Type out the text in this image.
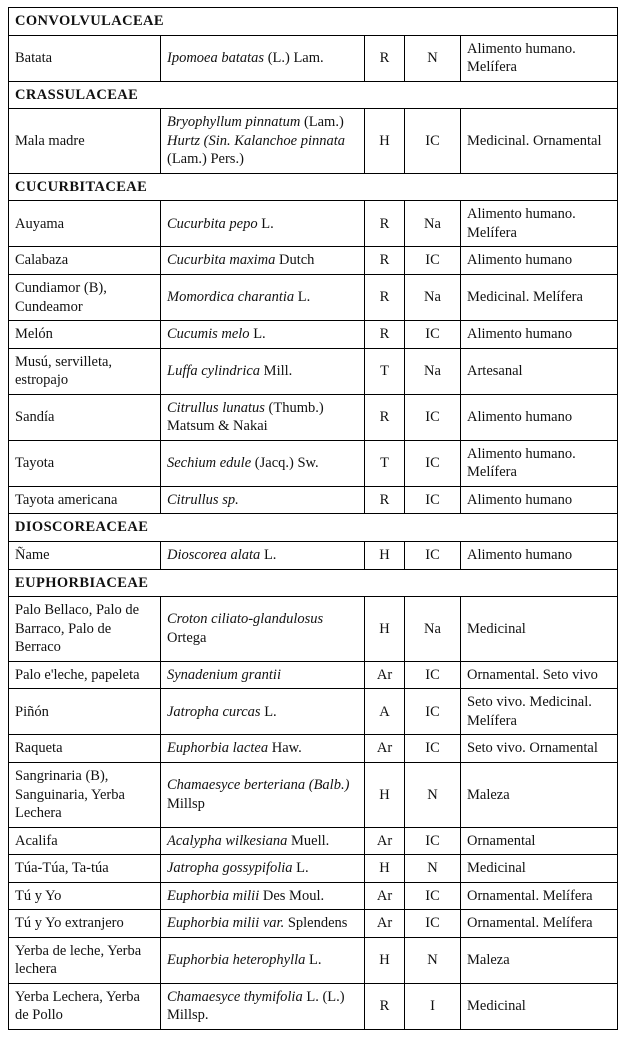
CONVOLVULACEAE				
Batata	Ipomoea batatas (L.) Lam.	R	N	Alimento humano. Melífera
CRASSULACEAE				
Mala madre	Bryophyllum pinnatum (Lam.) Hurtz (Sin. Kalanchoe pinnata (Lam.) Pers.)	H	IC	Medicinal. Ornamental
CUCURBITACEAE				
Auyama	Cucurbita pepo L.	R	Na	Alimento humano. Melífera
Calabaza	Cucurbita maxima Dutch	R	IC	Alimento humano
Cundiamor (B), Cundeamor	Momordica charantia L.	R	Na	Medicinal. Melífera
Melón	Cucumis melo L.	R	IC	Alimento humano
Musú, servilleta, estropajo	Luffa cylindrica Mill.	T	Na	Artesanal
Sandía	Citrullus lunatus (Thumb.) Matsum & Nakai	R	IC	Alimento humano
Tayota	Sechium edule (Jacq.) Sw.	T	IC	Alimento humano. Melífera
Tayota americana	Citrullus sp.	R	IC	Alimento humano
DIOSCOREACEAE				
Ñame	Dioscorea alata L.	H	IC	Alimento humano
EUPHORBIACEAE				
Palo Bellaco, Palo de Barraco, Palo de Berraco	Croton ciliato-glandulosus Ortega	H	Na	Medicinal
Palo e'leche, papeleta	Synadenium grantii	Ar	IC	Ornamental. Seto vivo
Piñón	Jatropha curcas L.	A	IC	Seto vivo. Medicinal. Melífera
Raqueta	Euphorbia lactea Haw.	Ar	IC	Seto vivo. Ornamental
Sangrinaria (B), Sanguinaria, Yerba Lechera	Chamaesyce berteriana (Balb.) Millsp	H	N	Maleza
Acalifa	Acalypha wilkesiana Muell.	Ar	IC	Ornamental
Túa-Túa, Ta-túa	Jatropha gossypifolia L.	H	N	Medicinal
Tú y Yo	Euphorbia milii Des Moul.	Ar	IC	Ornamental. Melífera
Tú y Yo extranjero	Euphorbia milii var. Splendens	Ar	IC	Ornamental. Melífera
Yerba de leche, Yerba lechera	Euphorbia heterophylla L.	H	N	Maleza
Yerba Lechera, Yerba de Pollo	Chamaesyce thymifolia L. (L.) Millsp.	R	I	Medicinal
